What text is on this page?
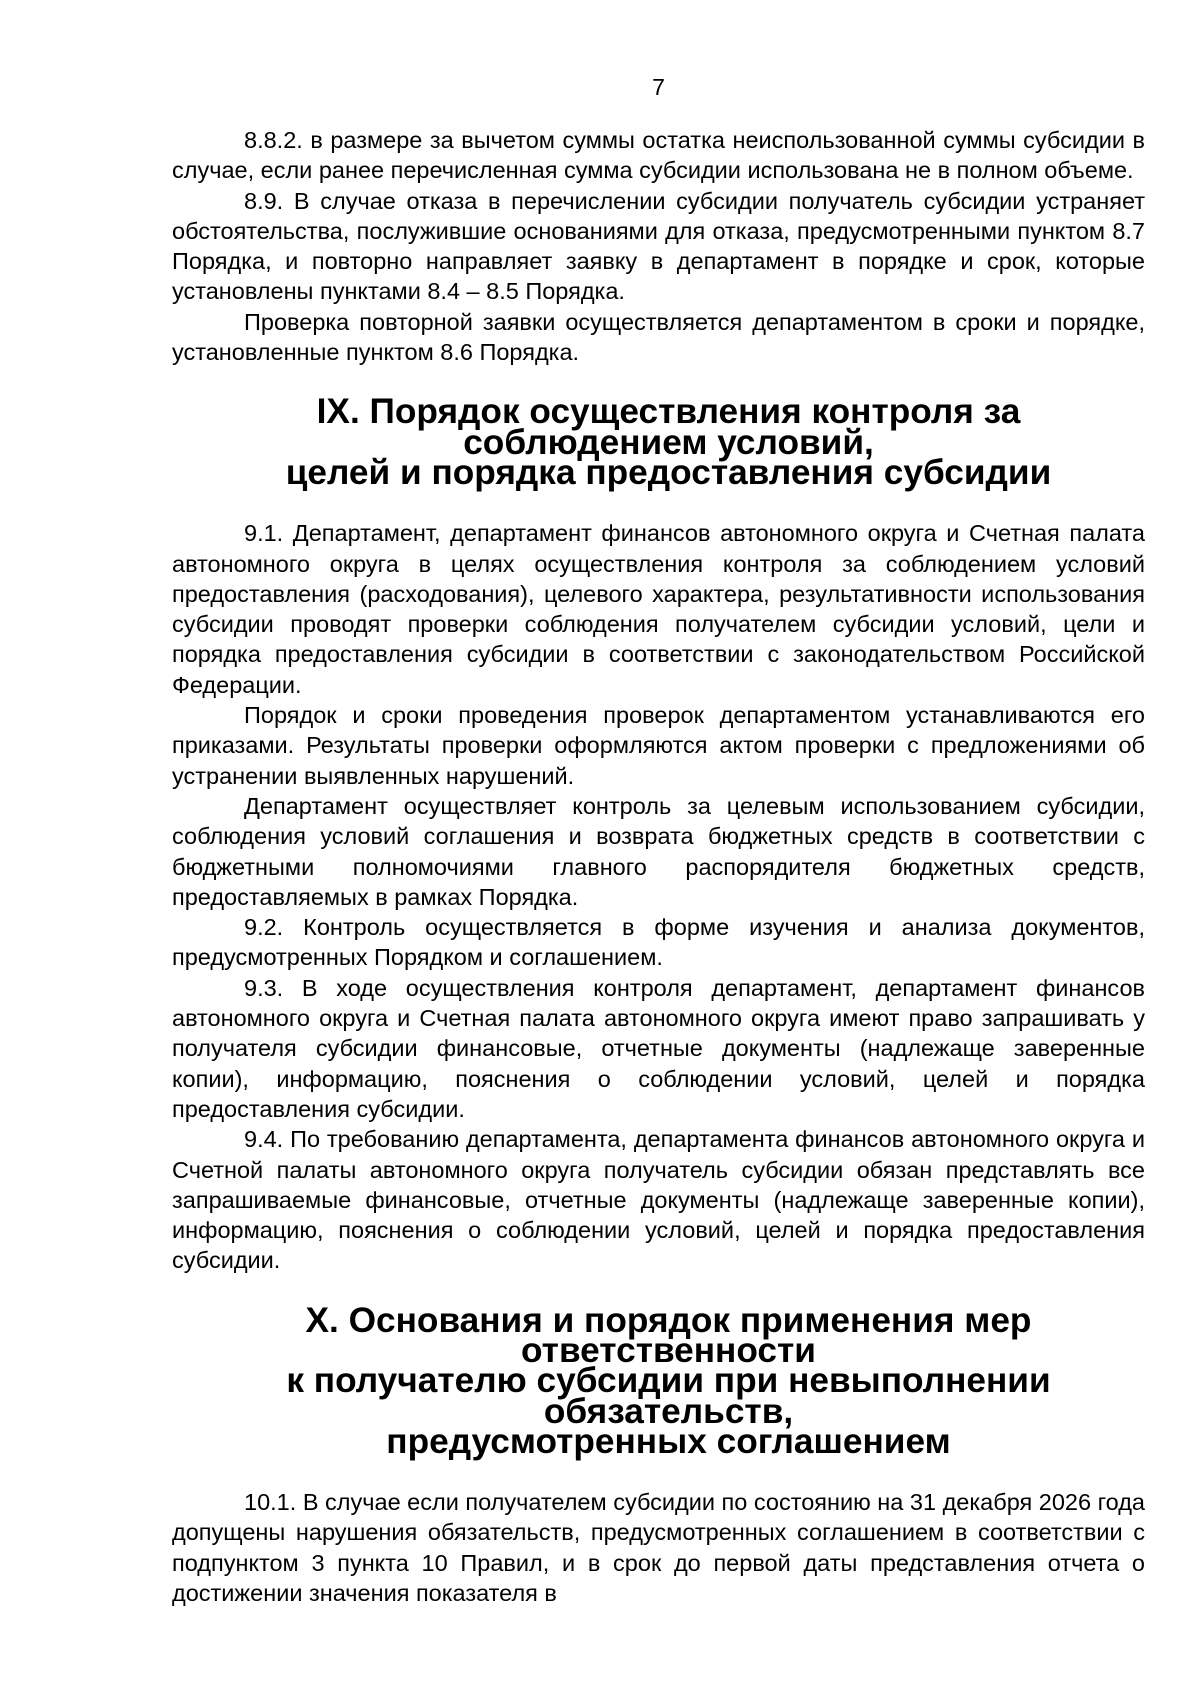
7

8.8.2. в размере за вычетом суммы остатка неиспользованной суммы субсидии в случае, если ранее перечисленная сумма субсидии использована не в полном объеме.

8.9. В случае отказа в перечислении субсидии получатель субсидии устраняет обстоятельства, послужившие основаниями для отказа, предусмотренными пунктом 8.7 Порядка, и повторно направляет заявку в департамент в порядке и срок, которые установлены пунктами 8.4 – 8.5 Порядка.

Проверка повторной заявки осуществляется департаментом в сроки и порядке, установленные пунктом 8.6 Порядка.

IX. Порядок осуществления контроля за соблюдением условий,
целей и порядка предоставления субсидии

9.1. Департамент, департамент финансов автономного округа и Счетная палата автономного округа в целях осуществления контроля за соблюдением условий предоставления (расходования), целевого характера, результативности использования субсидии проводят проверки соблюдения получателем субсидии условий, цели и порядка предоставления субсидии в соответствии с законодательством Российской Федерации.

Порядок и сроки проведения проверок департаментом устанавливаются его приказами. Результаты проверки оформляются актом проверки с предложениями об устранении выявленных нарушений.

Департамент осуществляет контроль за целевым использованием субсидии, соблюдения условий соглашения и возврата бюджетных средств в соответствии с бюджетными полномочиями главного распорядителя бюджетных средств, предоставляемых в рамках Порядка.

9.2. Контроль осуществляется в форме изучения и анализа документов, предусмотренных Порядком и соглашением.

9.3. В ходе осуществления контроля департамент, департамент финансов автономного округа и Счетная палата автономного округа имеют право запрашивать у получателя субсидии финансовые, отчетные документы (надлежаще заверенные копии), информацию, пояснения о соблюдении условий, целей и порядка предоставления субсидии.

9.4. По требованию департамента, департамента финансов автономного округа и Счетной палаты автономного округа получатель субсидии обязан представлять все запрашиваемые финансовые, отчетные документы (надлежаще заверенные копии), информацию, пояснения о соблюдении условий, целей и порядка предоставления субсидии.

X. Основания и порядок применения мер ответственности
к получателю субсидии при невыполнении обязательств,
предусмотренных соглашением

10.1. В случае если получателем субсидии по состоянию на 31 декабря 2026 года допущены нарушения обязательств, предусмотренных соглашением в соответствии с подпунктом 3 пункта 10 Правил, и в срок до первой даты представления отчета о достижении значения показателя в
